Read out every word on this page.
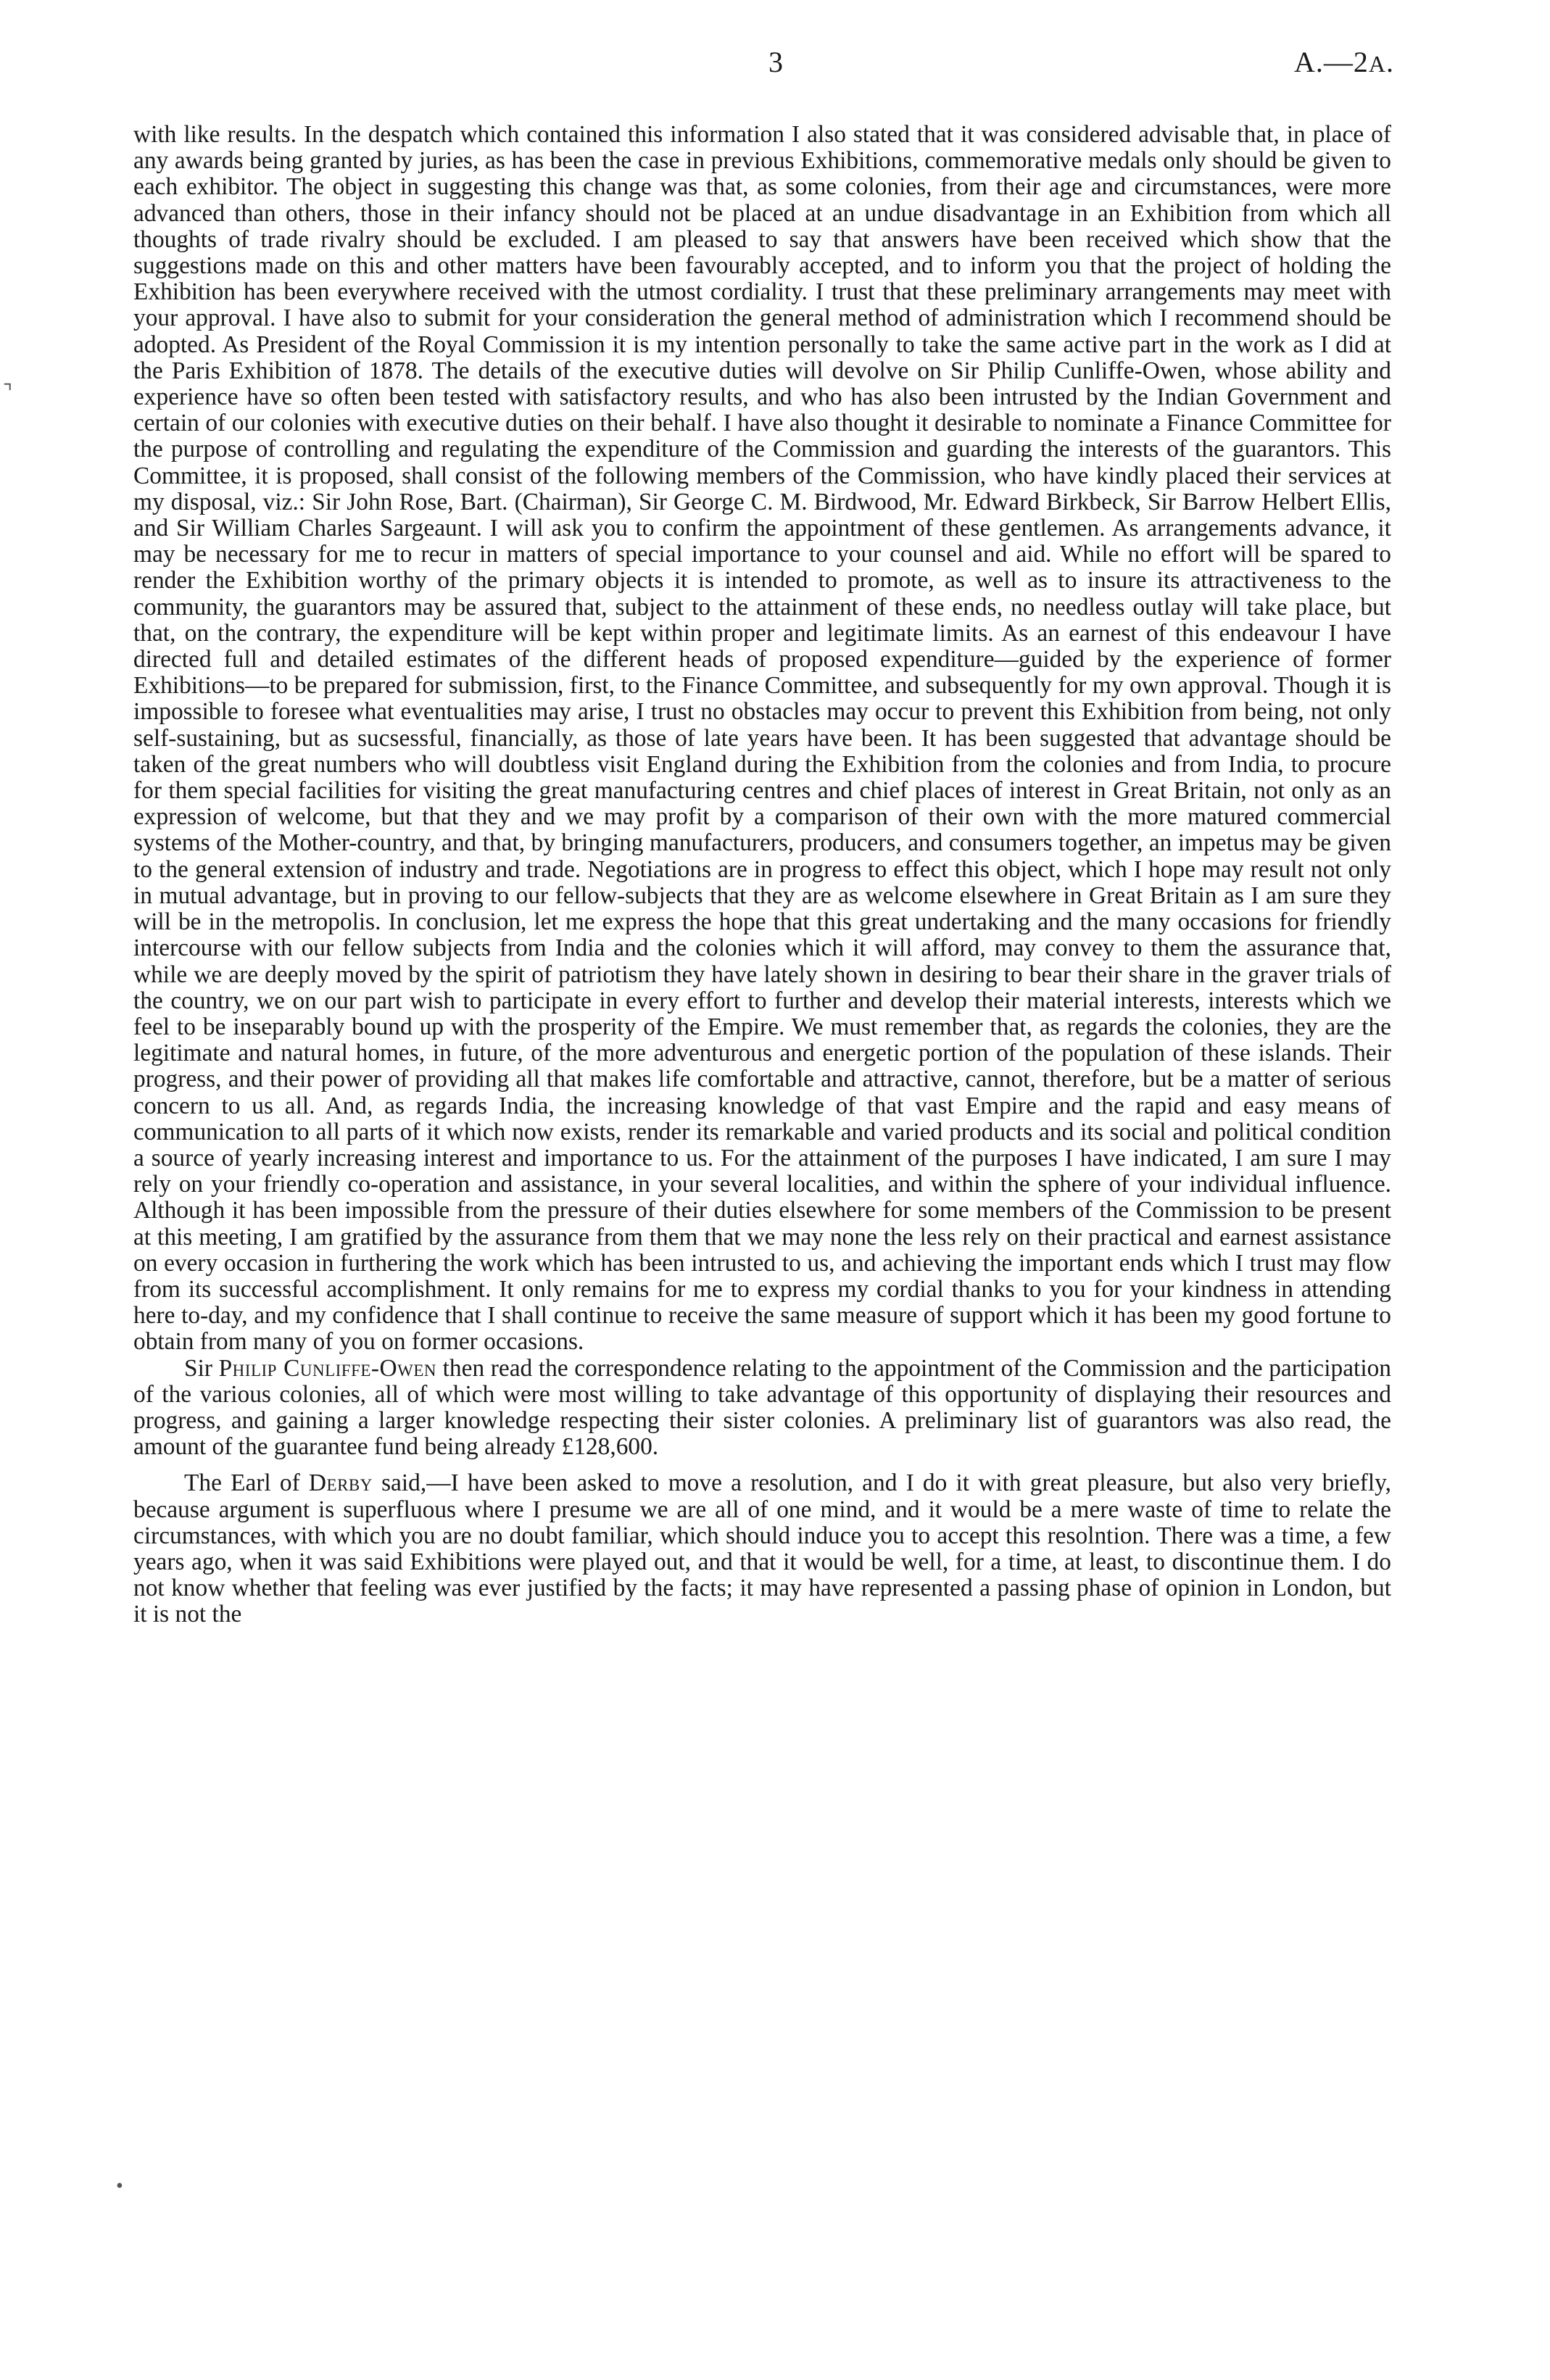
3	A.—2A.
⌝
•

with like results. In the despatch which contained this information I also stated that it was considered advisable that, in place of any awards being granted by juries, as has been the case in previous Exhibitions, commemorative medals only should be given to each exhibitor. The object in suggesting this change was that, as some colonies, from their age and circumstances, were more advanced than others, those in their infancy should not be placed at an undue disadvantage in an Exhibition from which all thoughts of trade rivalry should be excluded. I am pleased to say that answers have been received which show that the suggestions made on this and other matters have been favourably accepted, and to inform you that the project of holding the Exhibition has been everywhere received with the utmost cordiality. I trust that these preliminary arrangements may meet with your approval. I have also to submit for your consideration the general method of administration which I recommend should be adopted. As President of the Royal Commission it is my intention personally to take the same active part in the work as I did at the Paris Exhibition of 1878. The details of the executive duties will devolve on Sir Philip Cunliffe-Owen, whose ability and experience have so often been tested with satisfactory results, and who has also been intrusted by the Indian Government and certain of our colonies with executive duties on their behalf. I have also thought it desirable to nominate a Finance Committee for the purpose of controlling and regulating the expenditure of the Commission and guarding the interests of the guarantors. This Committee, it is proposed, shall consist of the following members of the Commission, who have kindly placed their services at my disposal, viz.: Sir John Rose, Bart. (Chairman), Sir George C. M. Birdwood, Mr. Edward Birkbeck, Sir Barrow Helbert Ellis, and Sir William Charles Sargeaunt. I will ask you to confirm the appointment of these gentlemen. As arrangements advance, it may be necessary for me to recur in matters of special importance to your counsel and aid. While no effort will be spared to render the Exhibition worthy of the primary objects it is intended to promote, as well as to insure its attractiveness to the community, the guarantors may be assured that, subject to the attainment of these ends, no needless outlay will take place, but that, on the contrary, the expenditure will be kept within proper and legitimate limits. As an earnest of this endeavour I have directed full and detailed estimates of the different heads of proposed expenditure—guided by the experience of former Exhibitions—to be prepared for submission, first, to the Finance Committee, and subsequently for my own approval. Though it is impossible to foresee what eventualities may arise, I trust no obstacles may occur to prevent this Exhibition from being, not only self-sustaining, but as sucsessful, financially, as those of late years have been. It has been suggested that advantage should be taken of the great numbers who will doubtless visit England during the Exhibition from the colonies and from India, to procure for them special facilities for visiting the great manufacturing centres and chief places of interest in Great Britain, not only as an expression of welcome, but that they and we may profit by a comparison of their own with the more matured commercial systems of the Mother-country, and that, by bringing manufacturers, producers, and consumers together, an impetus may be given to the general extension of industry and trade. Negotiations are in progress to effect this object, which I hope may result not only in mutual advantage, but in proving to our fellow-subjects that they are as welcome elsewhere in Great Britain as I am sure they will be in the metropolis. In conclusion, let me express the hope that this great undertaking and the many occasions for friendly intercourse with our fellow subjects from India and the colonies which it will afford, may convey to them the assurance that, while we are deeply moved by the spirit of patriotism they have lately shown in desiring to bear their share in the graver trials of the country, we on our part wish to participate in every effort to further and develop their material interests, interests which we feel to be inseparably bound up with the prosperity of the Empire. We must remember that, as regards the colonies, they are the legitimate and natural homes, in future, of the more adventurous and energetic portion of the population of these islands. Their progress, and their power of providing all that makes life comfortable and attractive, cannot, therefore, but be a matter of serious concern to us all. And, as regards India, the increasing knowledge of that vast Empire and the rapid and easy means of communication to all parts of it which now exists, render its remarkable and varied products and its social and political condition a source of yearly increasing interest and importance to us. For the attainment of the purposes I have indicated, I am sure I may rely on your friendly co-operation and assistance, in your several localities, and within the sphere of your individual influence. Although it has been impossible from the pressure of their duties elsewhere for some members of the Commission to be present at this meeting, I am gratified by the assurance from them that we may none the less rely on their practical and earnest assistance on every occasion in furthering the work which has been intrusted to us, and achieving the important ends which I trust may flow from its successful accomplishment. It only remains for me to express my cordial thanks to you for your kindness in attending here to-day, and my confidence that I shall continue to receive the same measure of support which it has been my good fortune to obtain from many of you on former occasions.

Sir Philip Cunliffe-Owen then read the correspondence relating to the appointment of the Commission and the participation of the various colonies, all of which were most willing to take advantage of this opportunity of displaying their resources and progress, and gaining a larger knowledge respecting their sister colonies. A preliminary list of guarantors was also read, the amount of the guarantee fund being already £128,600.

The Earl of Derby said,—I have been asked to move a resolution, and I do it with great pleasure, but also very briefly, because argument is superfluous where I presume we are all of one mind, and it would be a mere waste of time to relate the circumstances, with which you are no doubt familiar, which should induce you to accept this resolntion. There was a time, a few years ago, when it was said Exhibitions were played out, and that it would be well, for a time, at least, to discontinue them. I do not know whether that feeling was ever justified by the facts; it may have represented a passing phase of opinion in London, but it is not the
